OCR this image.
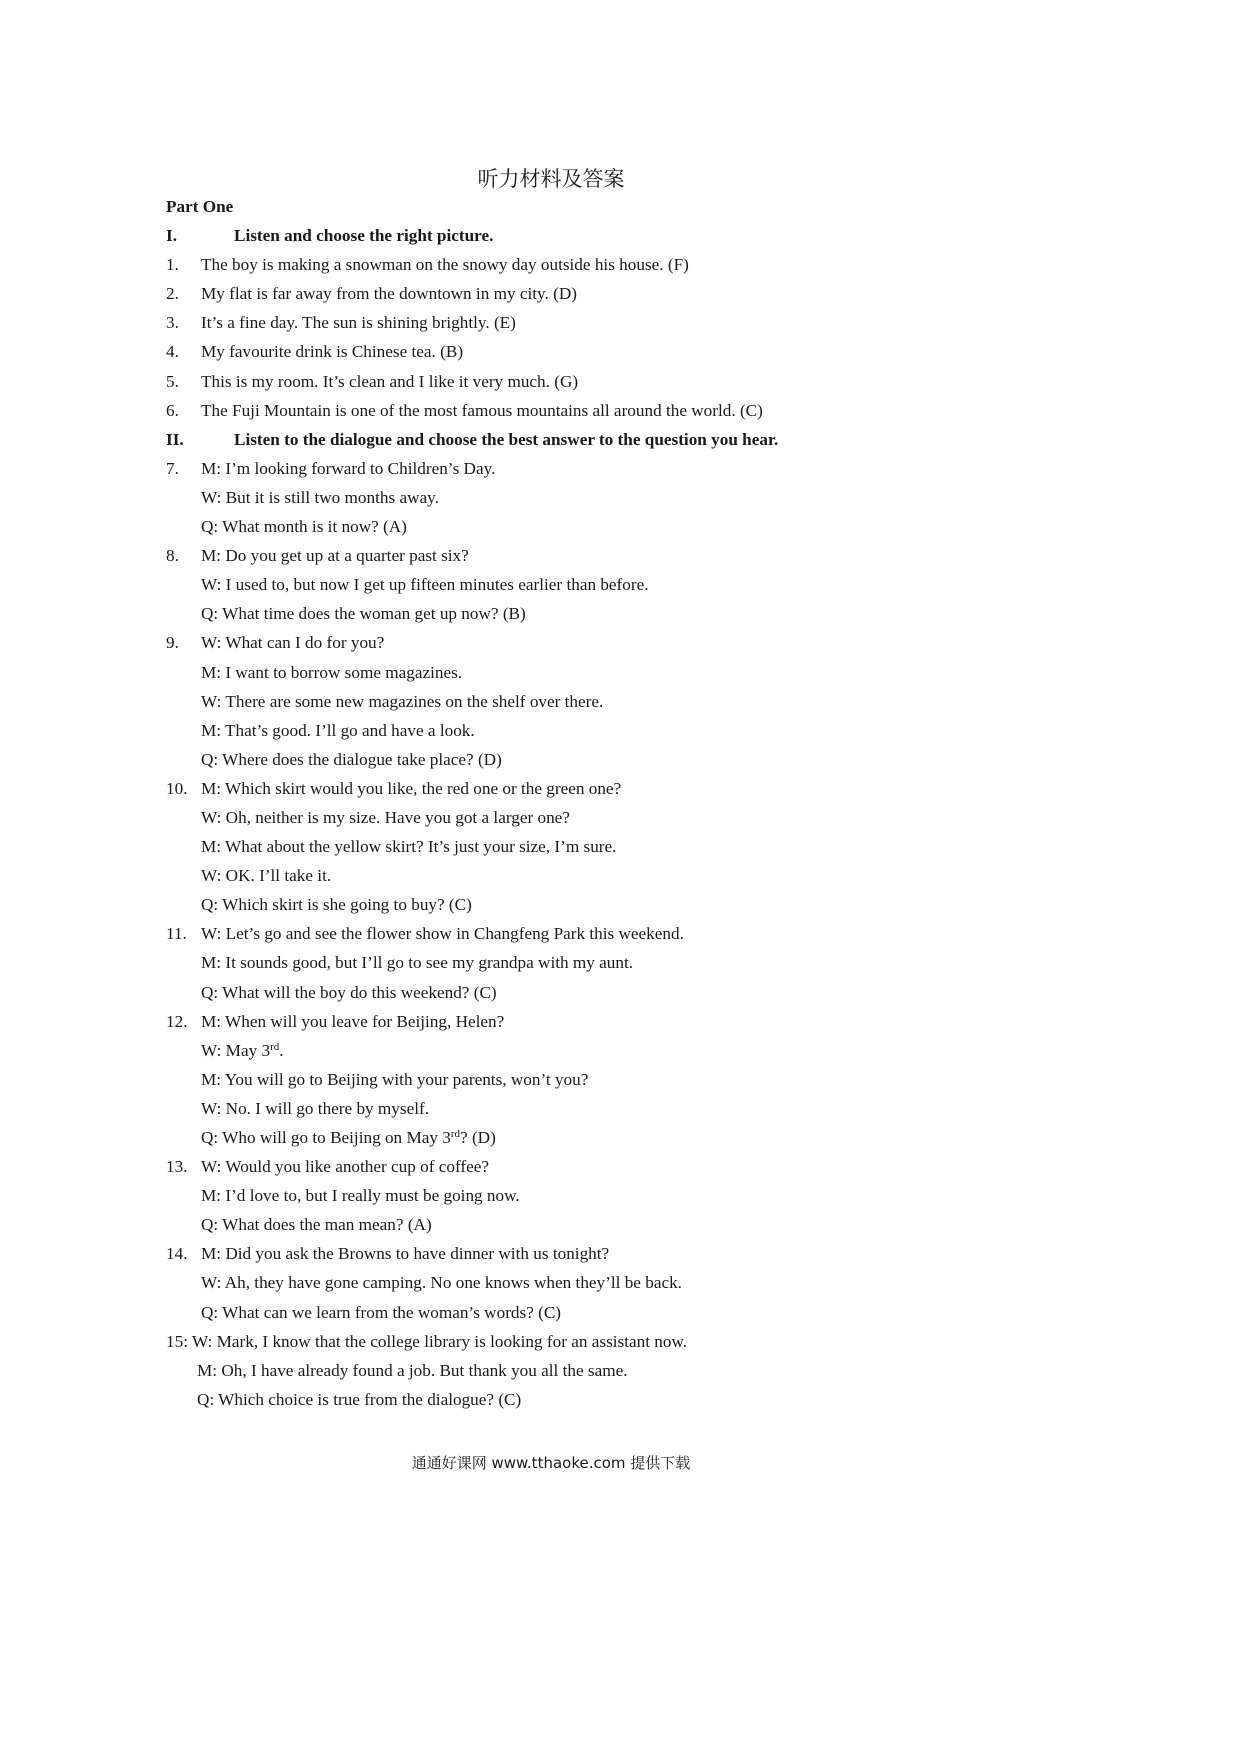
听力材料及答案
Part One
I.	Listen and choose the right picture.
1. The boy is making a snowman on the snowy day outside his house. (F)
2. My flat is far away from the downtown in my city. (D)
3. It’s a fine day. The sun is shining brightly. (E)
4. My favourite drink is Chinese tea. (B)
5. This is my room. It’s clean and I like it very much. (G)
6. The Fuji Mountain is one of the most famous mountains all around the world. (C)
II.	Listen to the dialogue and choose the best answer to the question you hear.
7. M: I’m looking forward to Children’s Day.
W: But it is still two months away.
Q: What month is it now? (A)
8. M: Do you get up at a quarter past six?
W: I used to, but now I get up fifteen minutes earlier than before.
Q: What time does the woman get up now? (B)
9. W: What can I do for you?
M: I want to borrow some magazines.
W: There are some new magazines on the shelf over there.
M: That’s good. I’ll go and have a look.
Q: Where does the dialogue take place? (D)
10. M: Which skirt would you like, the red one or the green one?
W: Oh, neither is my size. Have you got a larger one?
M: What about the yellow skirt? It’s just your size, I’m sure.
W: OK. I’ll take it.
Q: Which skirt is she going to buy? (C)
11. W: Let’s go and see the flower show in Changfeng Park this weekend.
M: It sounds good, but I’ll go to see my grandpa with my aunt.
Q: What will the boy do this weekend? (C)
12. M: When will you leave for Beijing, Helen?
W: May 3rd.
M: You will go to Beijing with your parents, won’t you?
W: No. I will go there by myself.
Q: Who will go to Beijing on May 3rd? (D)
13. W: Would you like another cup of coffee?
M: I’d love to, but I really must be going now.
Q: What does the man mean? (A)
14. M: Did you ask the Browns to have dinner with us tonight?
W: Ah, they have gone camping. No one knows when they’ll be back.
Q: What can we learn from the woman’s words? (C)
15: W: Mark, I know that the college library is looking for an assistant now.
M: Oh, I have already found a job. But thank you all the same.
Q: Which choice is true from the dialogue? (C)
通通好课网 www.tthaoke.com 提供下载
